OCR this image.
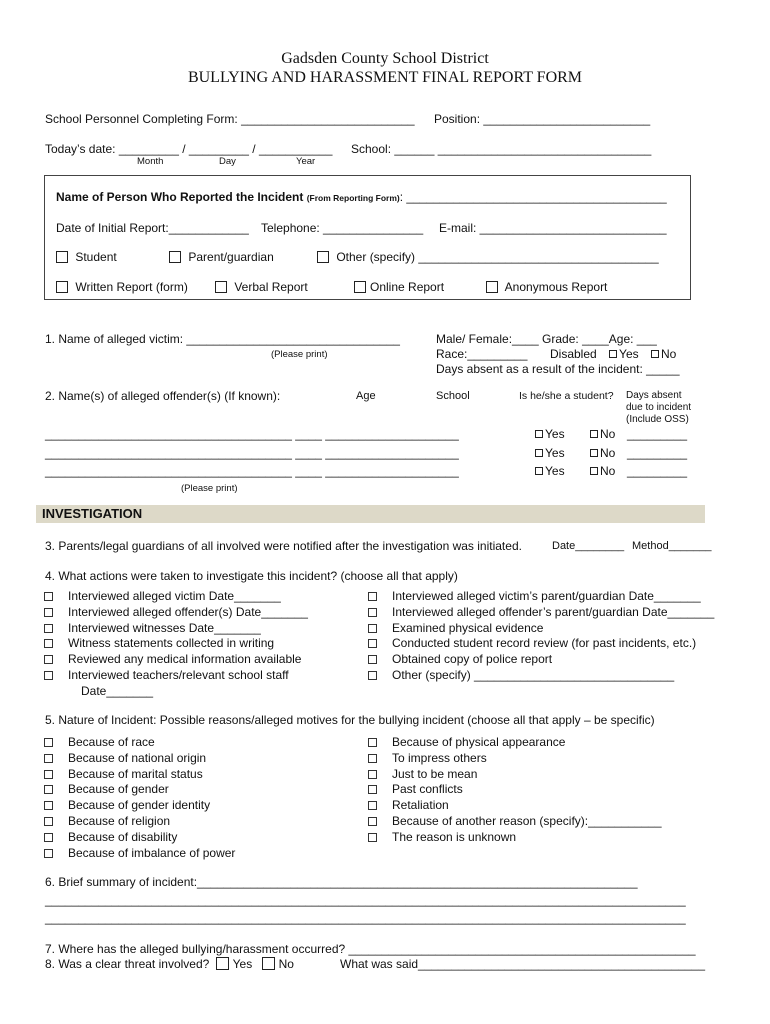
Gadsden County School District
BULLYING AND HARASSMENT FINAL REPORT FORM
School Personnel Completing Form: __________________________ Position: _________________________
Today’s date: _________ / _________ / ___________ School: ______ ________________________________
Month	Day	Year
Name of Person Who Reported the Incident (From Reporting Form): _______________________________________
Date of Initial Report:____________ Telephone: _______________ E-mail: ____________________________
Student	Parent/guardian	Other (specify) ____________________________________
Written Report (form)	Verbal Report	Online Report	Anonymous Report
1. Name of alleged victim: ________________________________
(Please print)
Male/ Female:____ Grade: ____Age: ___
Race:_________ Disabled Yes No
Days absent as a result of the incident: _____
2. Name(s) of alleged offender(s) (If known):	Age	School	Is he/she a student? Days absent
due to incident
(Include OSS)
_____________________________________ ____ ____________________	Yes	No _________
_____________________________________ ____ ____________________	Yes	No _________
_____________________________________ ____ ____________________	Yes	No _________
(Please print)
INVESTIGATION
3. Parents/legal guardians of all involved were notified after the investigation was initiated.	Date________ Method_______
4. What actions were taken to investigate this incident? (choose all that apply)
Interviewed alleged victim Date_______
Interviewed alleged offender(s) Date_______
Interviewed witnesses Date_______
Witness statements collected in writing
Reviewed any medical information available
Interviewed teachers/relevant school staff
Interviewed alleged victim’s parent/guardian Date_______
Interviewed alleged offender’s parent/guardian Date_______
Examined physical evidence
Conducted student record review (for past incidents, etc.)
Obtained copy of police report
Other (specify) ______________________________
Date_______
5. Nature of Incident: Possible reasons/alleged motives for the bullying incident (choose all that apply – be specific)
Because of race
Because of national origin
Because of marital status
Because of gender
Because of gender identity
Because of religion
Because of disability
Because of imbalance of power
Because of physical appearance
To impress others
Just to be mean
Past conflicts
Retaliation
Because of another reason (specify):___________
The reason is unknown
6. Brief summary of incident:__________________________________________________________________
________________________________________________________________________________________________
________________________________________________________________________________________________
7. Where has the alleged bullying/harassment occurred? ____________________________________________________
8. Was a clear threat involved? Yes No	What was said___________________________________________
